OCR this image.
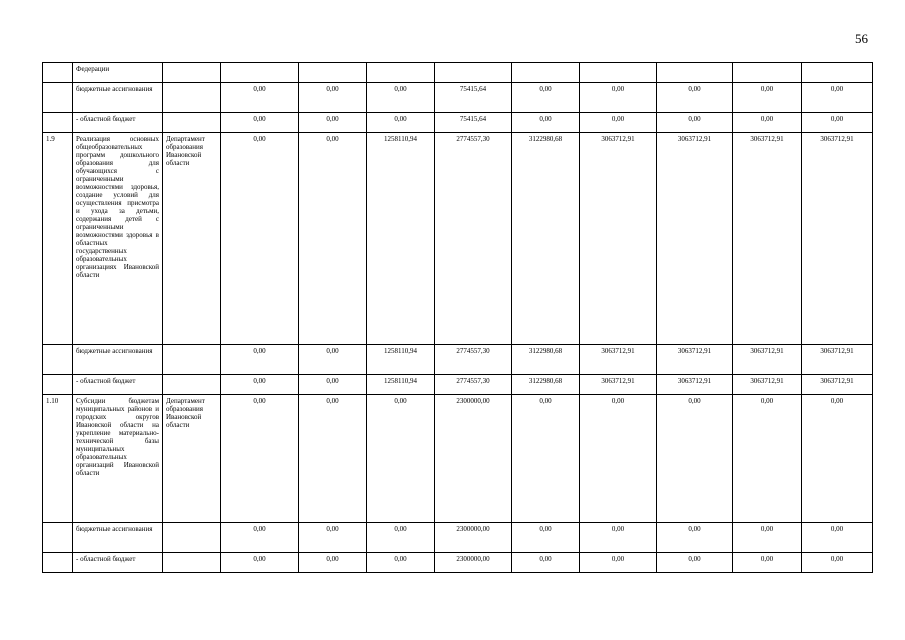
56
	Федерации										
	бюджетные ассигнования		0,00	0,00	0,00	75415,64	0,00	0,00	0,00	0,00	0,00
	- областной бюджет		0,00	0,00	0,00	75415,64	0,00	0,00	0,00	0,00	0,00
1.9	Реализация основных общеобразовательных программ дошкольного образования для обучающихся с ограниченными возможностями здоровья, создание условий для осуществления присмотра и ухода за детьми, содержания детей с ограниченными возможностями здоровья в областных государственных образовательных организациях Ивановской области	Департамент образования Ивановской области	0,00	0,00	1258110,94	2774557,30	3122980,68	3063712,91	3063712,91	3063712,91	3063712,91
	бюджетные ассигнования		0,00	0,00	1258110,94	2774557,30	3122980,68	3063712,91	3063712,91	3063712,91	3063712,91
	- областной бюджет		0,00	0,00	1258110,94	2774557,30	3122980,68	3063712,91	3063712,91	3063712,91	3063712,91
1.10	Субсидии бюджетам муниципальных районов и городских округов Ивановской области на укрепление материально-технической базы муниципальных образовательных организаций Ивановской области	Департамент образования Ивановской области	0,00	0,00	0,00	2300000,00	0,00	0,00	0,00	0,00	0,00
	бюджетные ассигнования		0,00	0,00	0,00	2300000,00	0,00	0,00	0,00	0,00	0,00
	- областной бюджет		0,00	0,00	0,00	2300000,00	0,00	0,00	0,00	0,00	0,00
